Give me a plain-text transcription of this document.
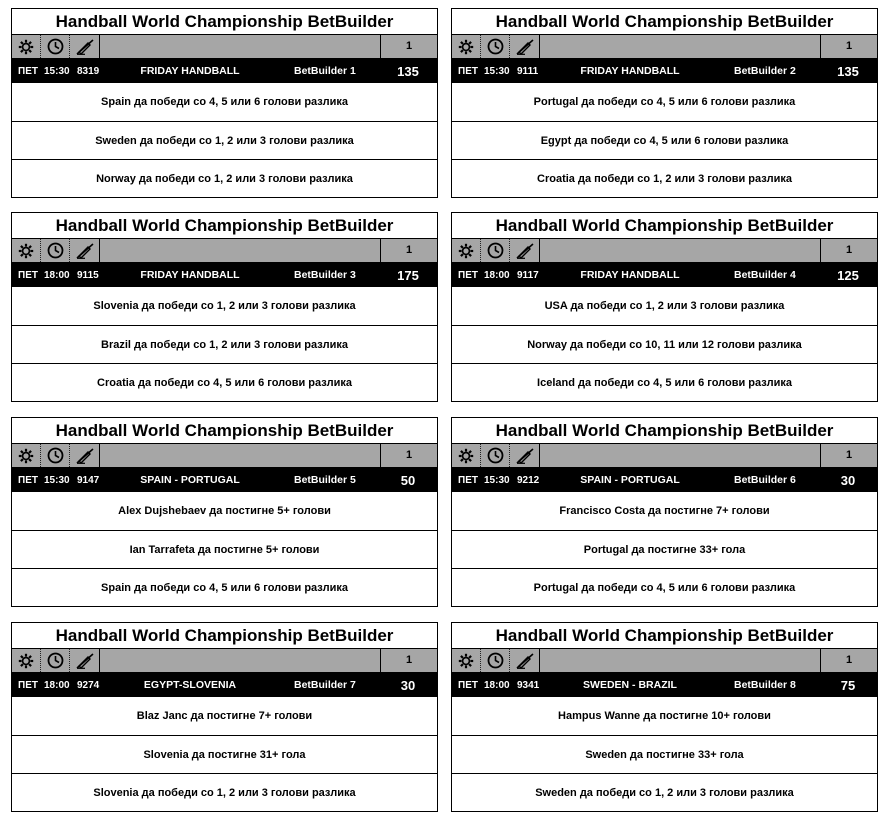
Handball World Championship BetBuilder
1
ПЕТ 15:30 8319	FRIDAY HANDBALL	BetBuilder 1	135
Spain да победи со 4, 5 или 6 голови разлика
Sweden да победи со 1, 2 или 3 голови разлика
Norway да победи со 1, 2 или 3 голови разлика
Handball World Championship BetBuilder
1
ПЕТ 15:30 9111	FRIDAY HANDBALL	BetBuilder 2	135
Portugal да победи со 4, 5 или 6 голови разлика
Egypt да победи со 4, 5 или 6 голови разлика
Croatia да победи со 1, 2 или 3 голови разлика
Handball World Championship BetBuilder
1
ПЕТ 18:00 9115	FRIDAY HANDBALL	BetBuilder 3	175
Slovenia да победи со 1, 2 или 3 голови разлика
Brazil да победи со 1, 2 или 3 голови разлика
Croatia да победи со 4, 5 или 6 голови разлика
Handball World Championship BetBuilder
1
ПЕТ 18:00 9117	FRIDAY HANDBALL	BetBuilder 4	125
USA да победи со 1, 2 или 3 голови разлика
Norway да победи со 10, 11 или 12 голови разлика
Iceland да победи со 4, 5 или 6 голови разлика
Handball World Championship BetBuilder
1
ПЕТ 15:30 9147	SPAIN - PORTUGAL	BetBuilder 5	50
Alex Dujshebaev да постигне 5+ голови
Ian Tarrafeta да постигне 5+ голови
Spain да победи со 4, 5 или 6 голови разлика
Handball World Championship BetBuilder
1
ПЕТ 15:30 9212	SPAIN - PORTUGAL	BetBuilder 6	30
Francisco Costa да постигне 7+ голови
Portugal да постигне 33+ гола
Portugal да победи со 4, 5 или 6 голови разлика
Handball World Championship BetBuilder
1
ПЕТ 18:00 9274	EGYPT-SLOVENIA	BetBuilder 7	30
Blaz Janc да постигне 7+ голови
Slovenia да постигне 31+ гола
Slovenia да победи со 1, 2 или 3 голови разлика
Handball World Championship BetBuilder
1
ПЕТ 18:00 9341	SWEDEN - BRAZIL	BetBuilder 8	75
Hampus Wanne да постигне 10+ голови
Sweden да постигне 33+ гола
Sweden да победи со 1, 2 или 3 голови разлика
